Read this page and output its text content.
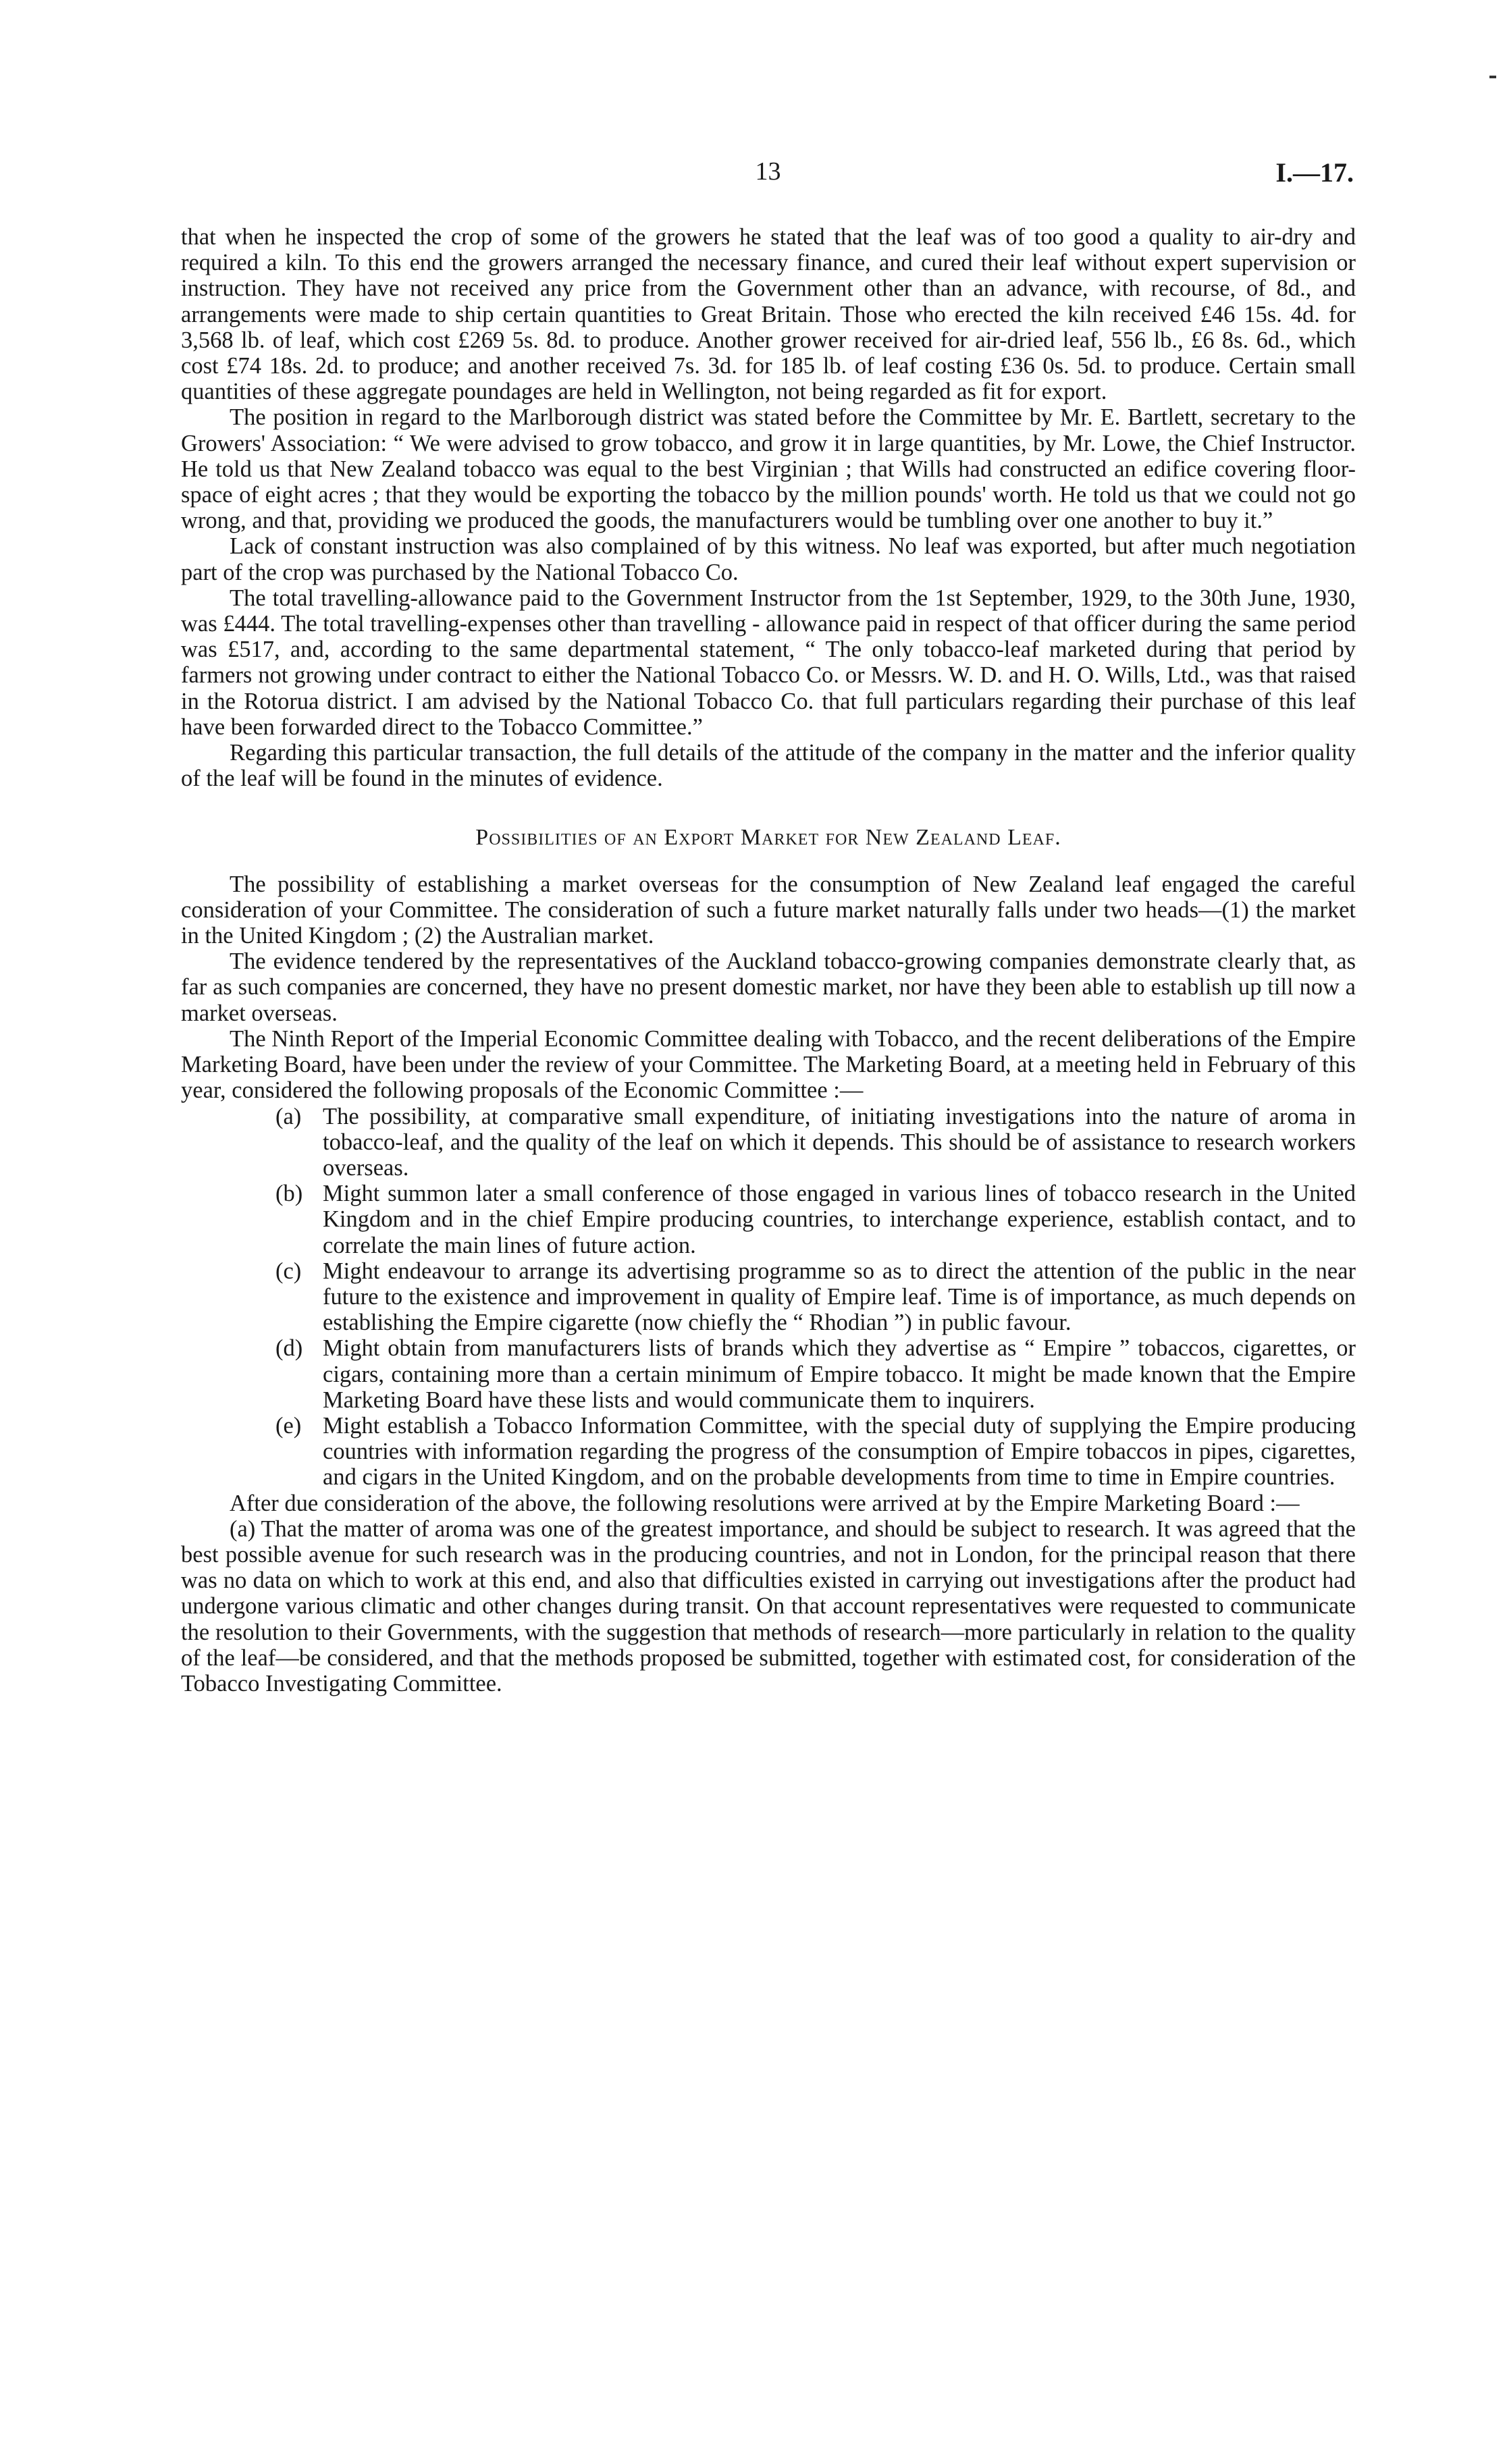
13	I.—17.

that when he inspected the crop of some of the growers he stated that the leaf was of too good a quality to air-dry and required a kiln. To this end the growers arranged the necessary finance, and cured their leaf without expert supervision or instruction. They have not received any price from the Government other than an advance, with recourse, of 8d., and arrangements were made to ship certain quantities to Great Britain. Those who erected the kiln received £46 15s. 4d. for 3,568 lb. of leaf, which cost £269 5s. 8d. to produce. Another grower received for air-dried leaf, 556 lb., £6 8s. 6d., which cost £74 18s. 2d. to produce; and another received 7s. 3d. for 185 lb. of leaf costing £36 0s. 5d. to produce. Certain small quantities of these aggregate poundages are held in Wellington, not being regarded as fit for export.

The position in regard to the Marlborough district was stated before the Committee by Mr. E. Bartlett, secretary to the Growers' Association: “ We were advised to grow tobacco, and grow it in large quantities, by Mr. Lowe, the Chief Instructor. He told us that New Zealand tobacco was equal to the best Virginian ; that Wills had constructed an edifice covering floor-space of eight acres ; that they would be exporting the tobacco by the million pounds' worth. He told us that we could not go wrong, and that, providing we produced the goods, the manufacturers would be tumbling over one another to buy it.”

Lack of constant instruction was also complained of by this witness. No leaf was exported, but after much negotiation part of the crop was purchased by the National Tobacco Co.

The total travelling-allowance paid to the Government Instructor from the 1st September, 1929, to the 30th June, 1930, was £444. The total travelling-expenses other than travelling - allowance paid in respect of that officer during the same period was £517, and, according to the same departmental statement, “ The only tobacco-leaf marketed during that period by farmers not growing under contract to either the National Tobacco Co. or Messrs. W. D. and H. O. Wills, Ltd., was that raised in the Rotorua district. I am advised by the National Tobacco Co. that full particulars regarding their purchase of this leaf have been forwarded direct to the Tobacco Committee.”

Regarding this particular transaction, the full details of the attitude of the company in the matter and the inferior quality of the leaf will be found in the minutes of evidence.

Possibilities of an Export Market for New Zealand Leaf.

The possibility of establishing a market overseas for the consumption of New Zealand leaf engaged the careful consideration of your Committee. The consideration of such a future market naturally falls under two heads—(1) the market in the United Kingdom ; (2) the Australian market.

The evidence tendered by the representatives of the Auckland tobacco-growing companies demonstrate clearly that, as far as such companies are concerned, they have no present domestic market, nor have they been able to establish up till now a market overseas.

The Ninth Report of the Imperial Economic Committee dealing with Tobacco, and the recent deliberations of the Empire Marketing Board, have been under the review of your Committee. The Marketing Board, at a meeting held in February of this year, considered the following proposals of the Economic Committee :—

(a) The possibility, at comparative small expenditure, of initiating investigations into the nature of aroma in tobacco-leaf, and the quality of the leaf on which it depends. This should be of assistance to research workers overseas.
(b) Might summon later a small conference of those engaged in various lines of tobacco research in the United Kingdom and in the chief Empire producing countries, to interchange experience, establish contact, and to correlate the main lines of future action.
(c) Might endeavour to arrange its advertising programme so as to direct the attention of the public in the near future to the existence and improvement in quality of Empire leaf. Time is of importance, as much depends on establishing the Empire cigarette (now chiefly the “ Rhodian ”) in public favour.
(d) Might obtain from manufacturers lists of brands which they advertise as “ Empire ” tobaccos, cigarettes, or cigars, containing more than a certain minimum of Empire tobacco. It might be made known that the Empire Marketing Board have these lists and would communicate them to inquirers.
(e) Might establish a Tobacco Information Committee, with the special duty of supplying the Empire producing countries with information regarding the progress of the consumption of Empire tobaccos in pipes, cigarettes, and cigars in the United Kingdom, and on the probable developments from time to time in Empire countries.

After due consideration of the above, the following resolutions were arrived at by the Empire Marketing Board :—

(a) That the matter of aroma was one of the greatest importance, and should be subject to research. It was agreed that the best possible avenue for such research was in the producing countries, and not in London, for the principal reason that there was no data on which to work at this end, and also that difficulties existed in carrying out investigations after the product had undergone various climatic and other changes during transit. On that account representatives were requested to communicate the resolution to their Governments, with the suggestion that methods of research—more particularly in relation to the quality of the leaf—be considered, and that the methods proposed be submitted, together with estimated cost, for consideration of the Tobacco Investigating Committee.
